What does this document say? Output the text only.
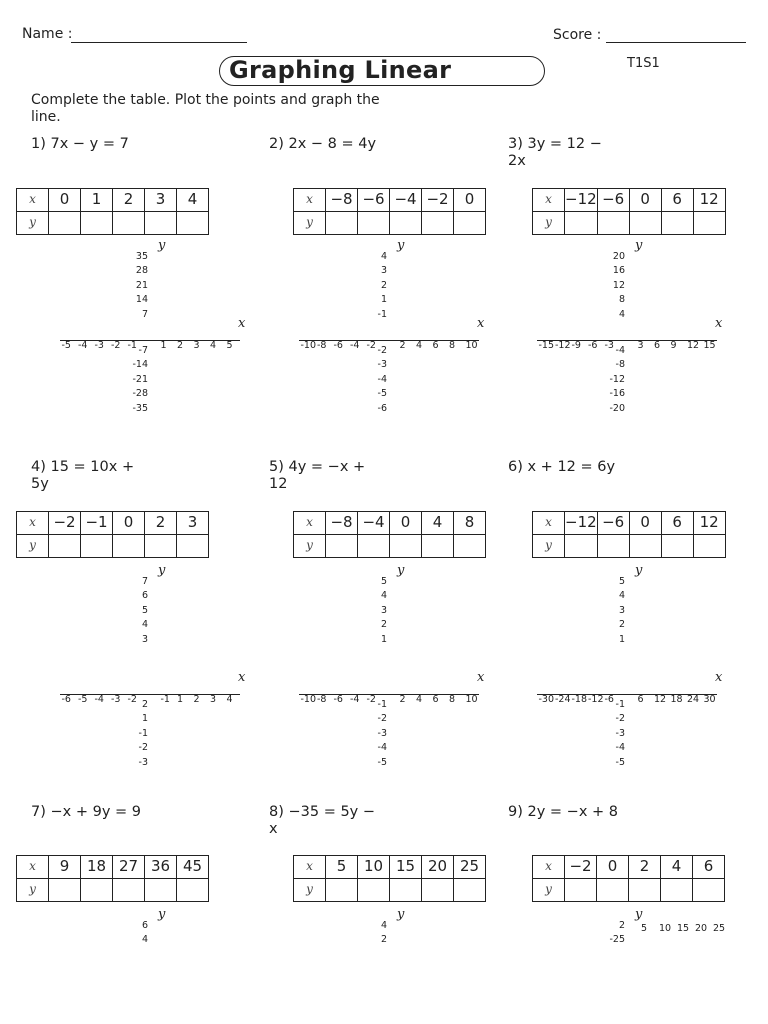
Name :	Score :
Graphing Linear	T1S1
Complete the table. Plot the points and graph the line.
1) 7x − y = 7
x	0	1	2	3	4
y					
y
35
28
21
14
7
-7
-14
-21
-28
-35
x
-5 -4 -3 -2 -1 1 2 3 4 5
2) 2x − 8 = 4y
x	−8	−6	−4	−2	0
y					
y
4
3
2
1
-1
-2
-3
-4
-5
-6
x
-10 -8 -6 -4 -2 2 4 6 8 10
3) 3y = 12 − 2x
x	−12	−6	0	6	12
y					
y
20
16
12
8
4
-4
-8
-12
-16
-20
x
-15 -12 -9 -6 -3 3 6 9 12 15
4) 15 = 10x + 5y
x	−2	−1	0	2	3
y					
y
7
6
5
4
3
2
1
-1
-2
-3
x
-6 -5 -4 -3 -2 -1 1 2 3 4
5) 4y = −x + 12
x	−8	−4	0	4	8
y					
y
5
4
3
2
1
-1
-2
-3
-4
-5
x
-10 -8 -6 -4 -2 2 4 6 8 10
6) x + 12 = 6y
x	−12	−6	0	6	12
y					
y
5
4
3
2
1
-1
-2
-3
-4
-5
x
-30 -24 -18 -12 -6 6 12 18 24 30
7) −x + 9y = 9
x	9	18	27	36	45
y					
y
6
4
8) −35 = 5y − x
x	5	10	15	20	25
y					
y
4
2
9) 2y = −x + 8
x	−2	0	2	4	6
y					
y
2
-25
5 10 15 20 25
